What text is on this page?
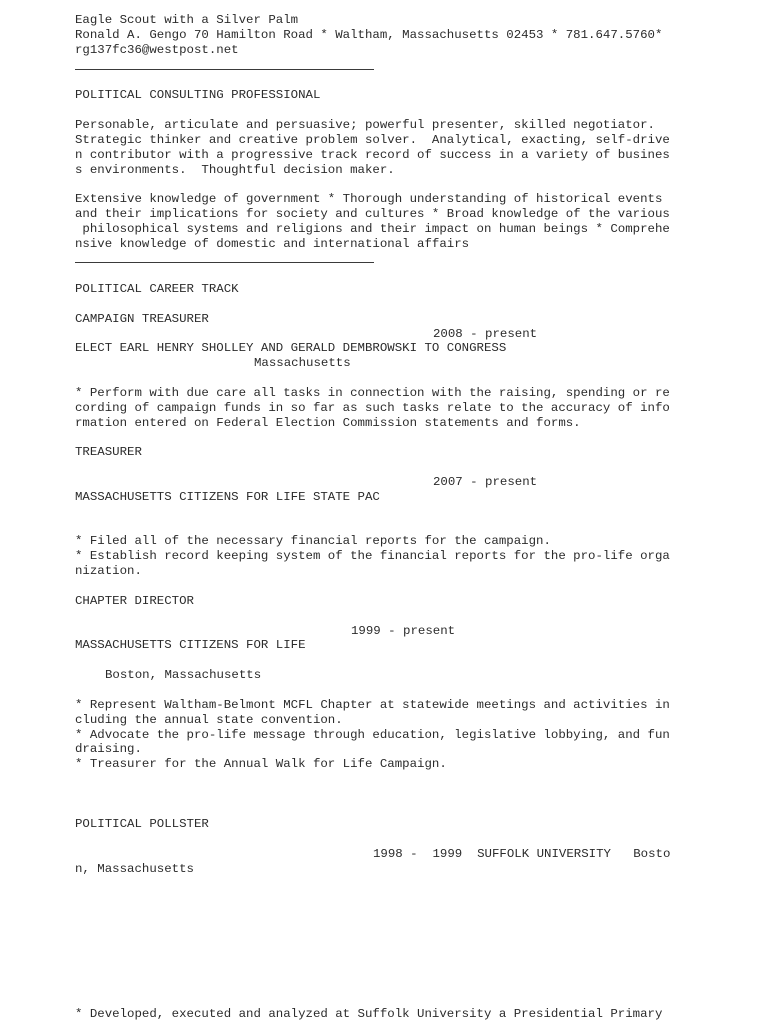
Eagle Scout with a Silver Palm

Ronald A. Gengo 70 Hamilton Road * Waltham, Massachusetts 02453 * 781.647.5760*

rg137fc36@westpost.net

POLITICAL CONSULTING PROFESSIONAL

Personable, articulate and persuasive; powerful presenter, skilled negotiator.

Strategic thinker and creative problem solver.  Analytical, exacting, self-drive

n contributor with a progressive track record of success in a variety of busines

s environments.  Thoughtful decision maker.

Extensive knowledge of government * Thorough understanding of historical events

and their implications for society and cultures * Broad knowledge of the various

philosophical systems and religions and their impact on human beings * Comprehe

nsive knowledge of domestic and international affairs

POLITICAL CAREER TRACK

CAMPAIGN TREASURER

2008 - present

ELECT EARL HENRY SHOLLEY AND GERALD DEMBROWSKI TO CONGRESS

Massachusetts

* Perform with due care all tasks in connection with the raising, spending or re

cording of campaign funds in so far as such tasks relate to the accuracy of info

rmation entered on Federal Election Commission statements and forms.

TREASURER

2007 - present

MASSACHUSETTS CITIZENS FOR LIFE STATE PAC

* Filed all of the necessary financial reports for the campaign.

* Establish record keeping system of the financial reports for the pro-life orga

nization.

CHAPTER DIRECTOR

1999 - present

MASSACHUSETTS CITIZENS FOR LIFE

Boston, Massachusetts

* Represent Waltham-Belmont MCFL Chapter at statewide meetings and activities in

cluding the annual state convention.

* Advocate the pro-life message through education, legislative lobbying, and fun

draising.

* Treasurer for the Annual Walk for Life Campaign.

POLITICAL POLLSTER

1998 -  1999  SUFFOLK UNIVERSITY   Bosto

n, Massachusetts

* Developed, executed and analyzed at Suffolk University a Presidential Primary
